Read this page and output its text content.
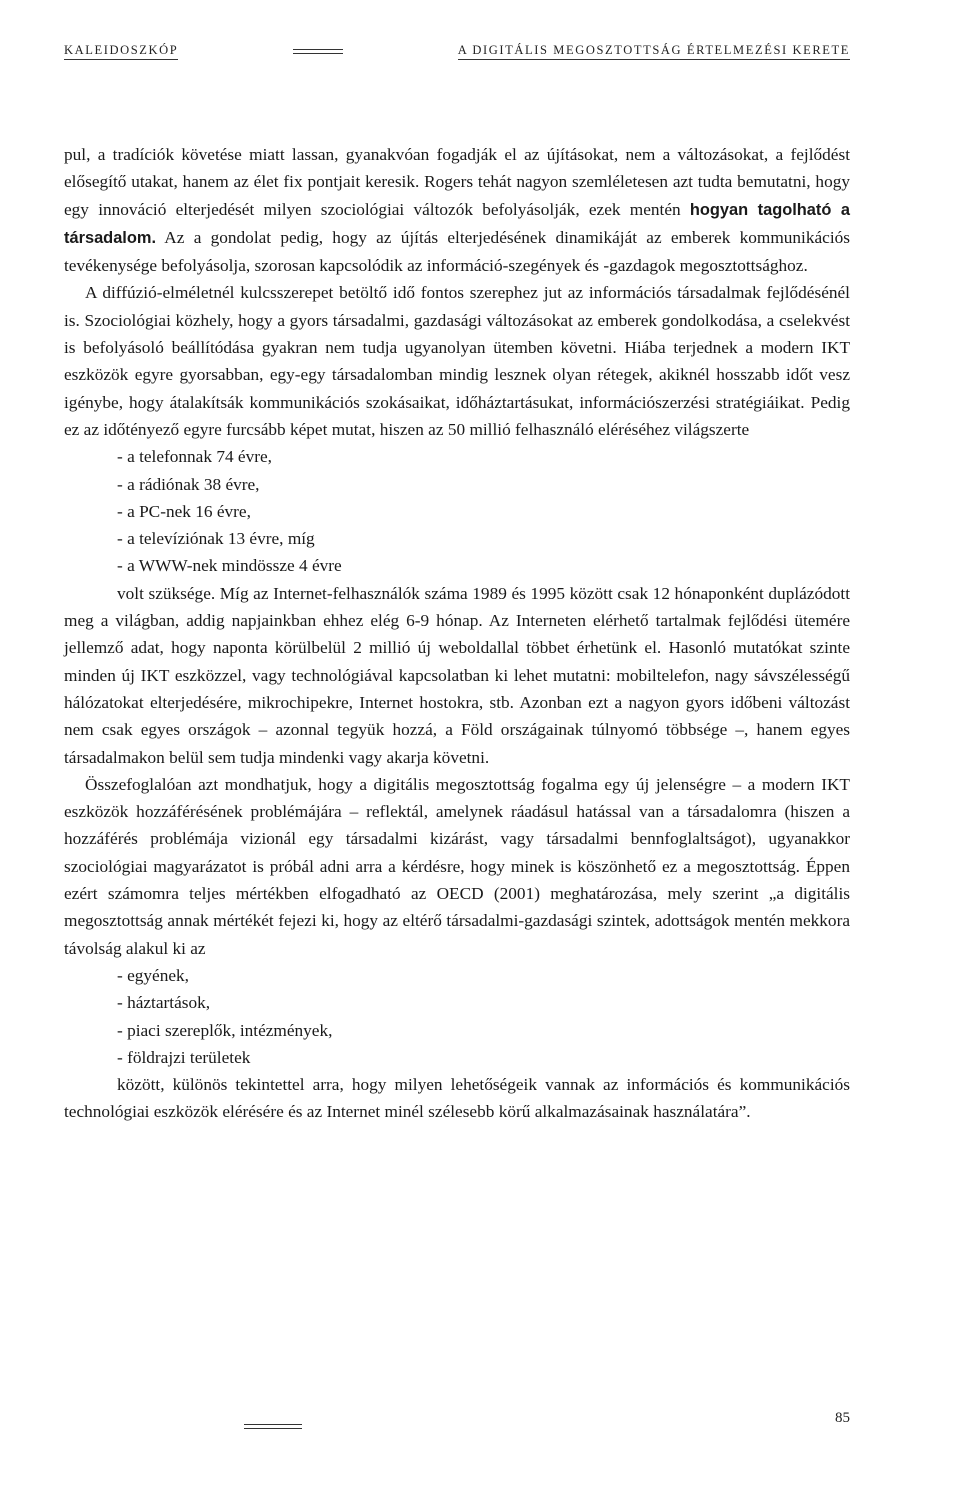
KALEIDOSZKÓP	A DIGITÁLIS MEGOSZTOTTSÁG ÉRTELMEZÉSI KERETE

pul, a tradíciók követése miatt lassan, gyanakvóan fogadják el az újításokat, nem a változásokat, a fejlődést elősegítő utakat, hanem az élet fix pontjait keresik. Rogers tehát nagyon szemléletesen azt tudta bemutatni, hogy egy innováció elterjedését milyen szociológiai változók befolyásolják, ezek mentén hogyan tagolható a társadalom. Az a gondolat pedig, hogy az újítás elterjedésének dinamikáját az emberek kommunikációs tevékenysége befolyásolja, szorosan kapcsolódik az információ-szegények és -gazdagok megosztottsághoz.

A diffúzió-elméletnél kulcsszerepet betöltő idő fontos szerephez jut az információs társadalmak fejlődésénél is. Szociológiai közhely, hogy a gyors társadalmi, gazdasági változásokat az emberek gondolkodása, a cselekvést is befolyásoló beállítódása gyakran nem tudja ugyanolyan ütemben követni. Hiába terjednek a modern IKT eszközök egyre gyorsabban, egy-egy társadalomban mindig lesznek olyan rétegek, akiknél hosszabb időt vesz igénybe, hogy átalakítsák kommunikációs szokásaikat, időháztartásukat, információszerzési stratégiáikat. Pedig ez az időtényező egyre furcsább képet mutat, hiszen az 50 millió felhasználó eléréséhez világszerte

- a telefonnak 74 évre,
- a rádiónak 38 évre,
- a PC-nek 16 évre,
- a televíziónak 13 évre, míg
- a WWW-nek mindössze 4 évre

volt szüksége. Míg az Internet-felhasználók száma 1989 és 1995 között csak 12 hónaponként duplázódott meg a világban, addig napjainkban ehhez elég 6-9 hónap. Az Interneten elérhető tartalmak fejlődési ütemére jellemző adat, hogy naponta körülbelül 2 millió új weboldallal többet érhetünk el. Hasonló mutatókat szinte minden új IKT eszközzel, vagy technológiával kapcsolatban ki lehet mutatni: mobiltelefon, nagy sávszélességű hálózatokat elterjedésére, mikrochipekre, Internet hostokra, stb. Azonban ezt a nagyon gyors időbeni változást nem csak egyes országok – azonnal tegyük hozzá, a Föld országainak túlnyomó többsége –, hanem egyes társadalmakon belül sem tudja mindenki vagy akarja követni.

Összefoglalóan azt mondhatjuk, hogy a digitális megosztottság fogalma egy új jelenségre – a modern IKT eszközök hozzáférésének problémájára – reflektál, amelynek ráadásul hatással van a társadalomra (hiszen a hozzáférés problémája vizionál egy társadalmi kizárást, vagy társadalmi bennfoglaltságot), ugyanakkor szociológiai magyarázatot is próbál adni arra a kérdésre, hogy minek is köszönhető ez a megosztottság. Éppen ezért számomra teljes mértékben elfogadható az OECD (2001) meghatározása, mely szerint „a digitális megosztottság annak mértékét fejezi ki, hogy az eltérő társadalmi-gazdasági szintek, adottságok mentén mekkora távolság alakul ki az

- egyének,
- háztartások,
- piaci szereplők, intézmények,
- földrajzi területek

között, különös tekintettel arra, hogy milyen lehetőségeik vannak az információs és kommunikációs technológiai eszközök elérésére és az Internet minél szélesebb körű alkalmazásainak használatára”.

85
